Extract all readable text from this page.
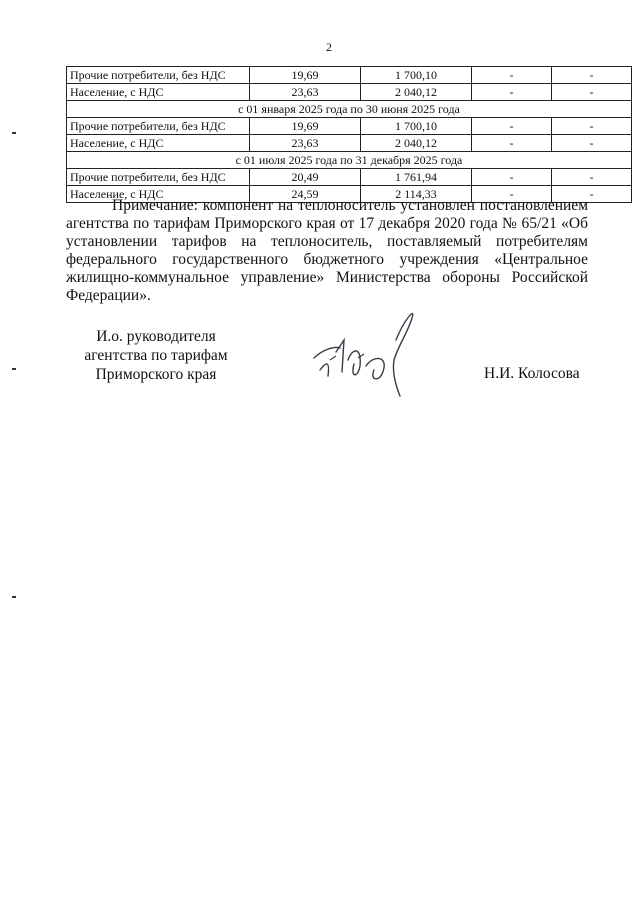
2
Прочие потребители, без НДС	19,69	1 700,10	-	-
Население, с НДС	23,63	2 040,12	-	-
с 01 января 2025 года по 30 июня 2025 года				
Прочие потребители, без НДС	19,69	1 700,10	-	-
Население, с НДС	23,63	2 040,12	-	-
с 01 июля 2025 года по 31 декабря 2025 года				
Прочие потребители, без НДС	20,49	1 761,94	-	-
Население, с НДС	24,59	2 114,33	-	-

Примечание: компонент на теплоноситель установлен постановлением агентства по тарифам Приморского края от 17 декабря 2020 года № 65/21 «Об установлении тарифов на теплоноситель, поставляемый потребителям федерального государственного бюджетного учреждения «Центральное жилищно-коммунальное управление» Министерства обороны Российской Федерации».

И.о. руководителя
агентства по тарифам
Приморского края	Н.И. Колосова
